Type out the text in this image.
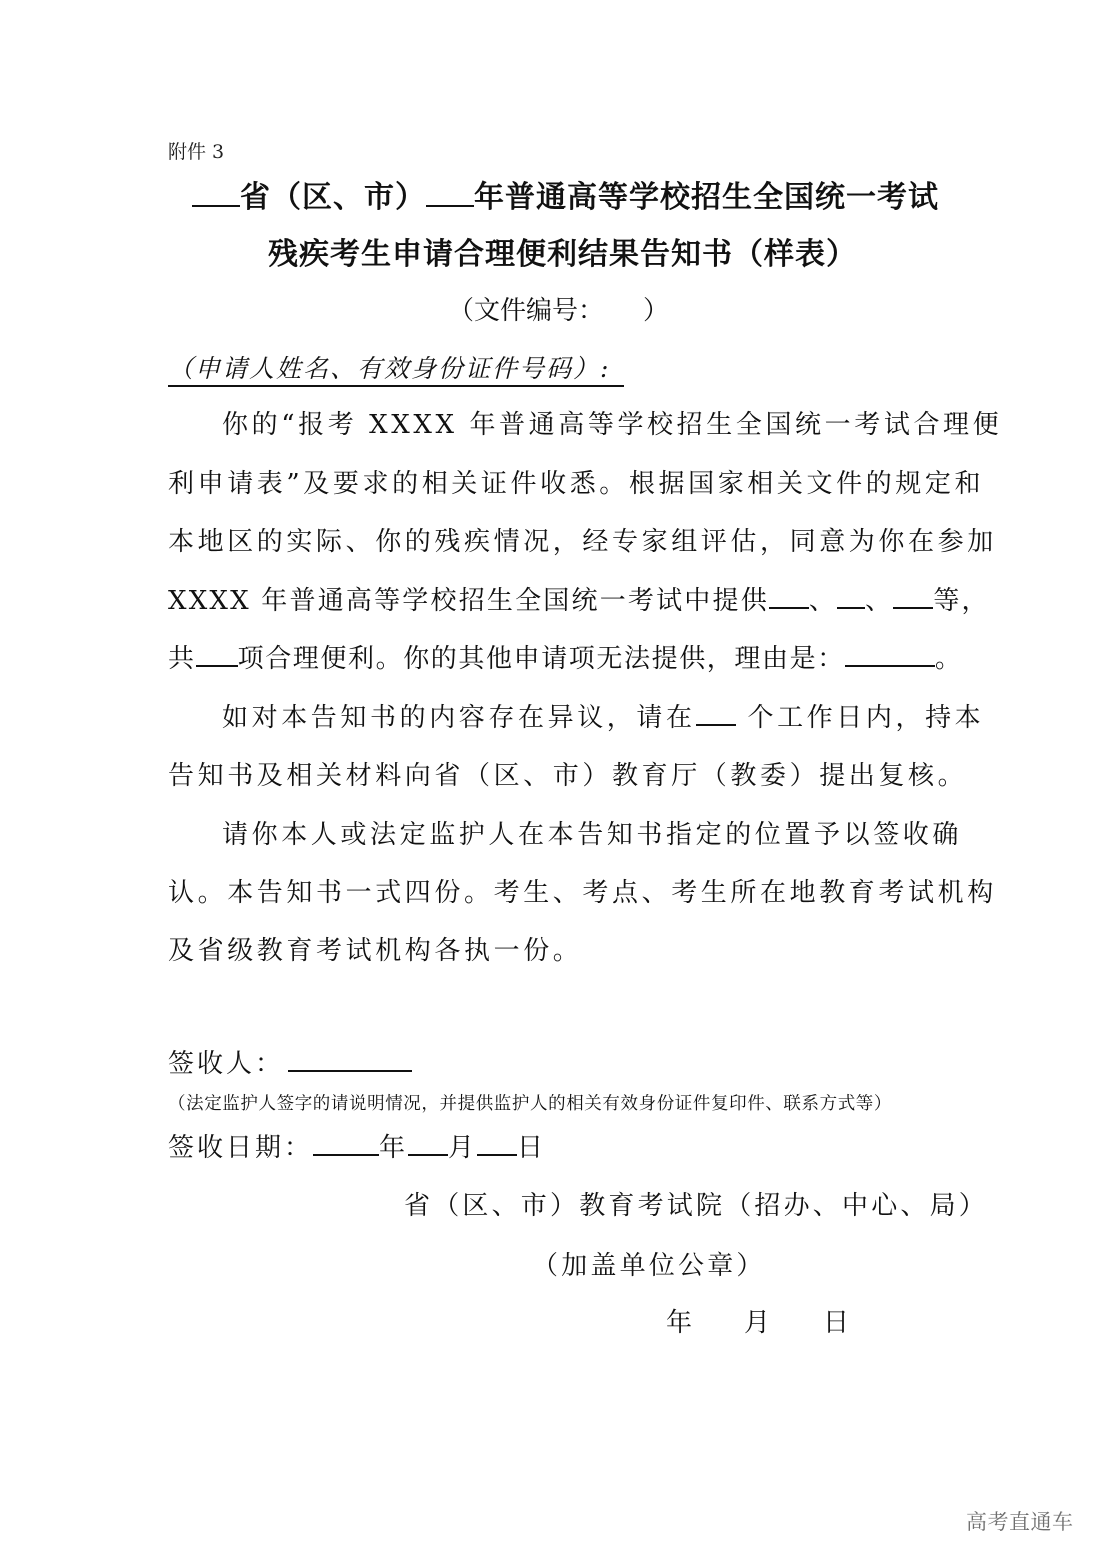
附件 3
省（区、市） 年普通高等学校招生全国统一考试
残疾考生申请合理便利结果告知书（样表）
（文件编号：　　）
（申请人姓名、有效身份证件号码）:
你的“报考 XXXX 年普通高等学校招生全国统一考试合理便
利申请表”及要求的相关证件收悉。根据国家相关文件的规定和
本地区的实际、你的残疾情况，经专家组评估，同意为你在参加
XXXX 年普通高等学校招生全国统一考试中提供 、 、 等，
共 项合理便利。你的其他申请项无法提供，理由是：	。
如对本告知书的内容存在异议，请在 个工作日内，持本
告知书及相关材料向省（区、市）教育厅（教委）提出复核。
请你本人或法定监护人在本告知书指定的位置予以签收确
认。本告知书一式四份。考生、考点、考生所在地教育考试机构
及省级教育考试机构各执一份。
签收人：
（法定监护人签字的请说明情况，并提供监护人的相关有效身份证件复印件、联系方式等）
签收日期：	年 月 日
省（区、市）教育考试院（招办、中心、局）
（加盖单位公章）
年 月 日
高考直通车
